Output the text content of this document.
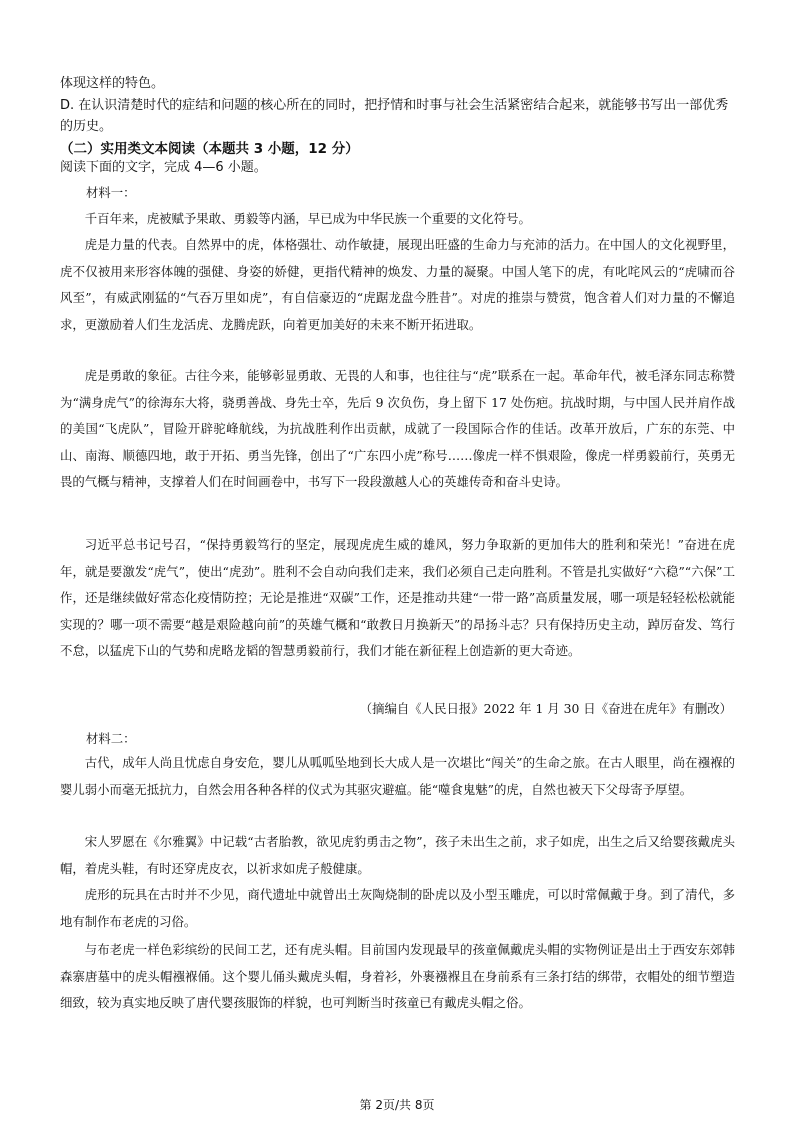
体现这样的特色。
D. 在认识清楚时代的症结和问题的核心所在的同时，把抒情和时事与社会生活紧密结合起来，就能够书写出一部优秀的历史。
（二）实用类文本阅读（本题共 3 小题，12 分）
阅读下面的文字，完成 4—6 小题。
材料一：
千百年来，虎被赋予果敢、勇毅等内涵，早已成为中华民族一个重要的文化符号。
虎是力量的代表。自然界中的虎，体格强壮、动作敏捷，展现出旺盛的生命力与充沛的活力。在中国人的文化视野里，虎不仅被用来形容体魄的强健、身姿的娇健，更指代精神的焕发、力量的凝聚。中国人笔下的虎，有叱咤风云的“虎啸而谷风至”，有威武刚猛的“气吞万里如虎”，有自信豪迈的“虎踞龙盘今胜昔”。对虎的推崇与赞赏，饱含着人们对力量的不懈追求，更激励着人们生龙活虎、龙腾虎跃，向着更加美好的未来不断开拓进取。
虎是勇敢的象征。古往今来，能够彰显勇敢、无畏的人和事，也往往与“虎”联系在一起。革命年代，被毛泽东同志称赞为“满身虎气”的徐海东大将，骁勇善战、身先士卒，先后 9 次负伤，身上留下 17 处伤疤。抗战时期，与中国人民并肩作战的美国“飞虎队”，冒险开辟驼峰航线，为抗战胜利作出贡献，成就了一段国际合作的佳话。改革开放后，广东的东莞、中山、南海、顺德四地，敢于开拓、勇当先锋，创出了“广东四小虎”称号……像虎一样不惧艰险，像虎一样勇毅前行，英勇无畏的气概与精神，支撑着人们在时间画卷中，书写下一段段激越人心的英雄传奇和奋斗史诗。
习近平总书记号召，“保持勇毅笃行的坚定，展现虎虎生威的雄风，努力争取新的更加伟大的胜利和荣光！”奋进在虎年，就是要激发“虎气”，使出“虎劲”。胜利不会自动向我们走来，我们必须自己走向胜利。不管是扎实做好“六稳”“六保”工作，还是继续做好常态化疫情防控；无论是推进“双碳”工作，还是推动共建“一带一路”高质量发展，哪一项是轻轻松松就能实现的？哪一项不需要“越是艰险越向前”的英雄气概和“敢教日月换新天”的昂扬斗志？只有保持历史主动，踔厉奋发、笃行不怠，以猛虎下山的气势和虎略龙韬的智慧勇毅前行，我们才能在新征程上创造新的更大奇迹。
（摘编自《人民日报》2022 年 1 月 30 日《奋进在虎年》有删改）
材料二：
古代，成年人尚且忧虑自身安危，婴儿从呱呱坠地到长大成人是一次堪比“闯关”的生命之旅。在古人眼里，尚在襁褓的婴儿弱小而毫无抵抗力，自然会用各种各样的仪式为其驱灾避瘟。能“噬食鬼魅”的虎，自然也被天下父母寄予厚望。
宋人罗愿在《尔雅翼》中记载“古者胎教，欲见虎豹勇击之物”，孩子未出生之前，求子如虎，出生之后又给婴孩戴虎头帽，着虎头鞋，有时还穿虎皮衣，以祈求如虎子般健康。
虎形的玩具在古时并不少见，商代遗址中就曾出土灰陶烧制的卧虎以及小型玉雕虎，可以时常佩戴于身。到了清代，多地有制作布老虎的习俗。
与布老虎一样色彩缤纷的民间工艺，还有虎头帽。目前国内发现最早的孩童佩戴虎头帽的实物例证是出土于西安东郊韩森寨唐墓中的虎头帽襁褓俑。这个婴儿俑头戴虎头帽，身着衫，外裹襁褓且在身前系有三条打结的绑带，衣帽处的细节塑造细致，较为真实地反映了唐代婴孩服饰的样貌，也可判断当时孩童已有戴虎头帽之俗。
第 2页/共 8页
